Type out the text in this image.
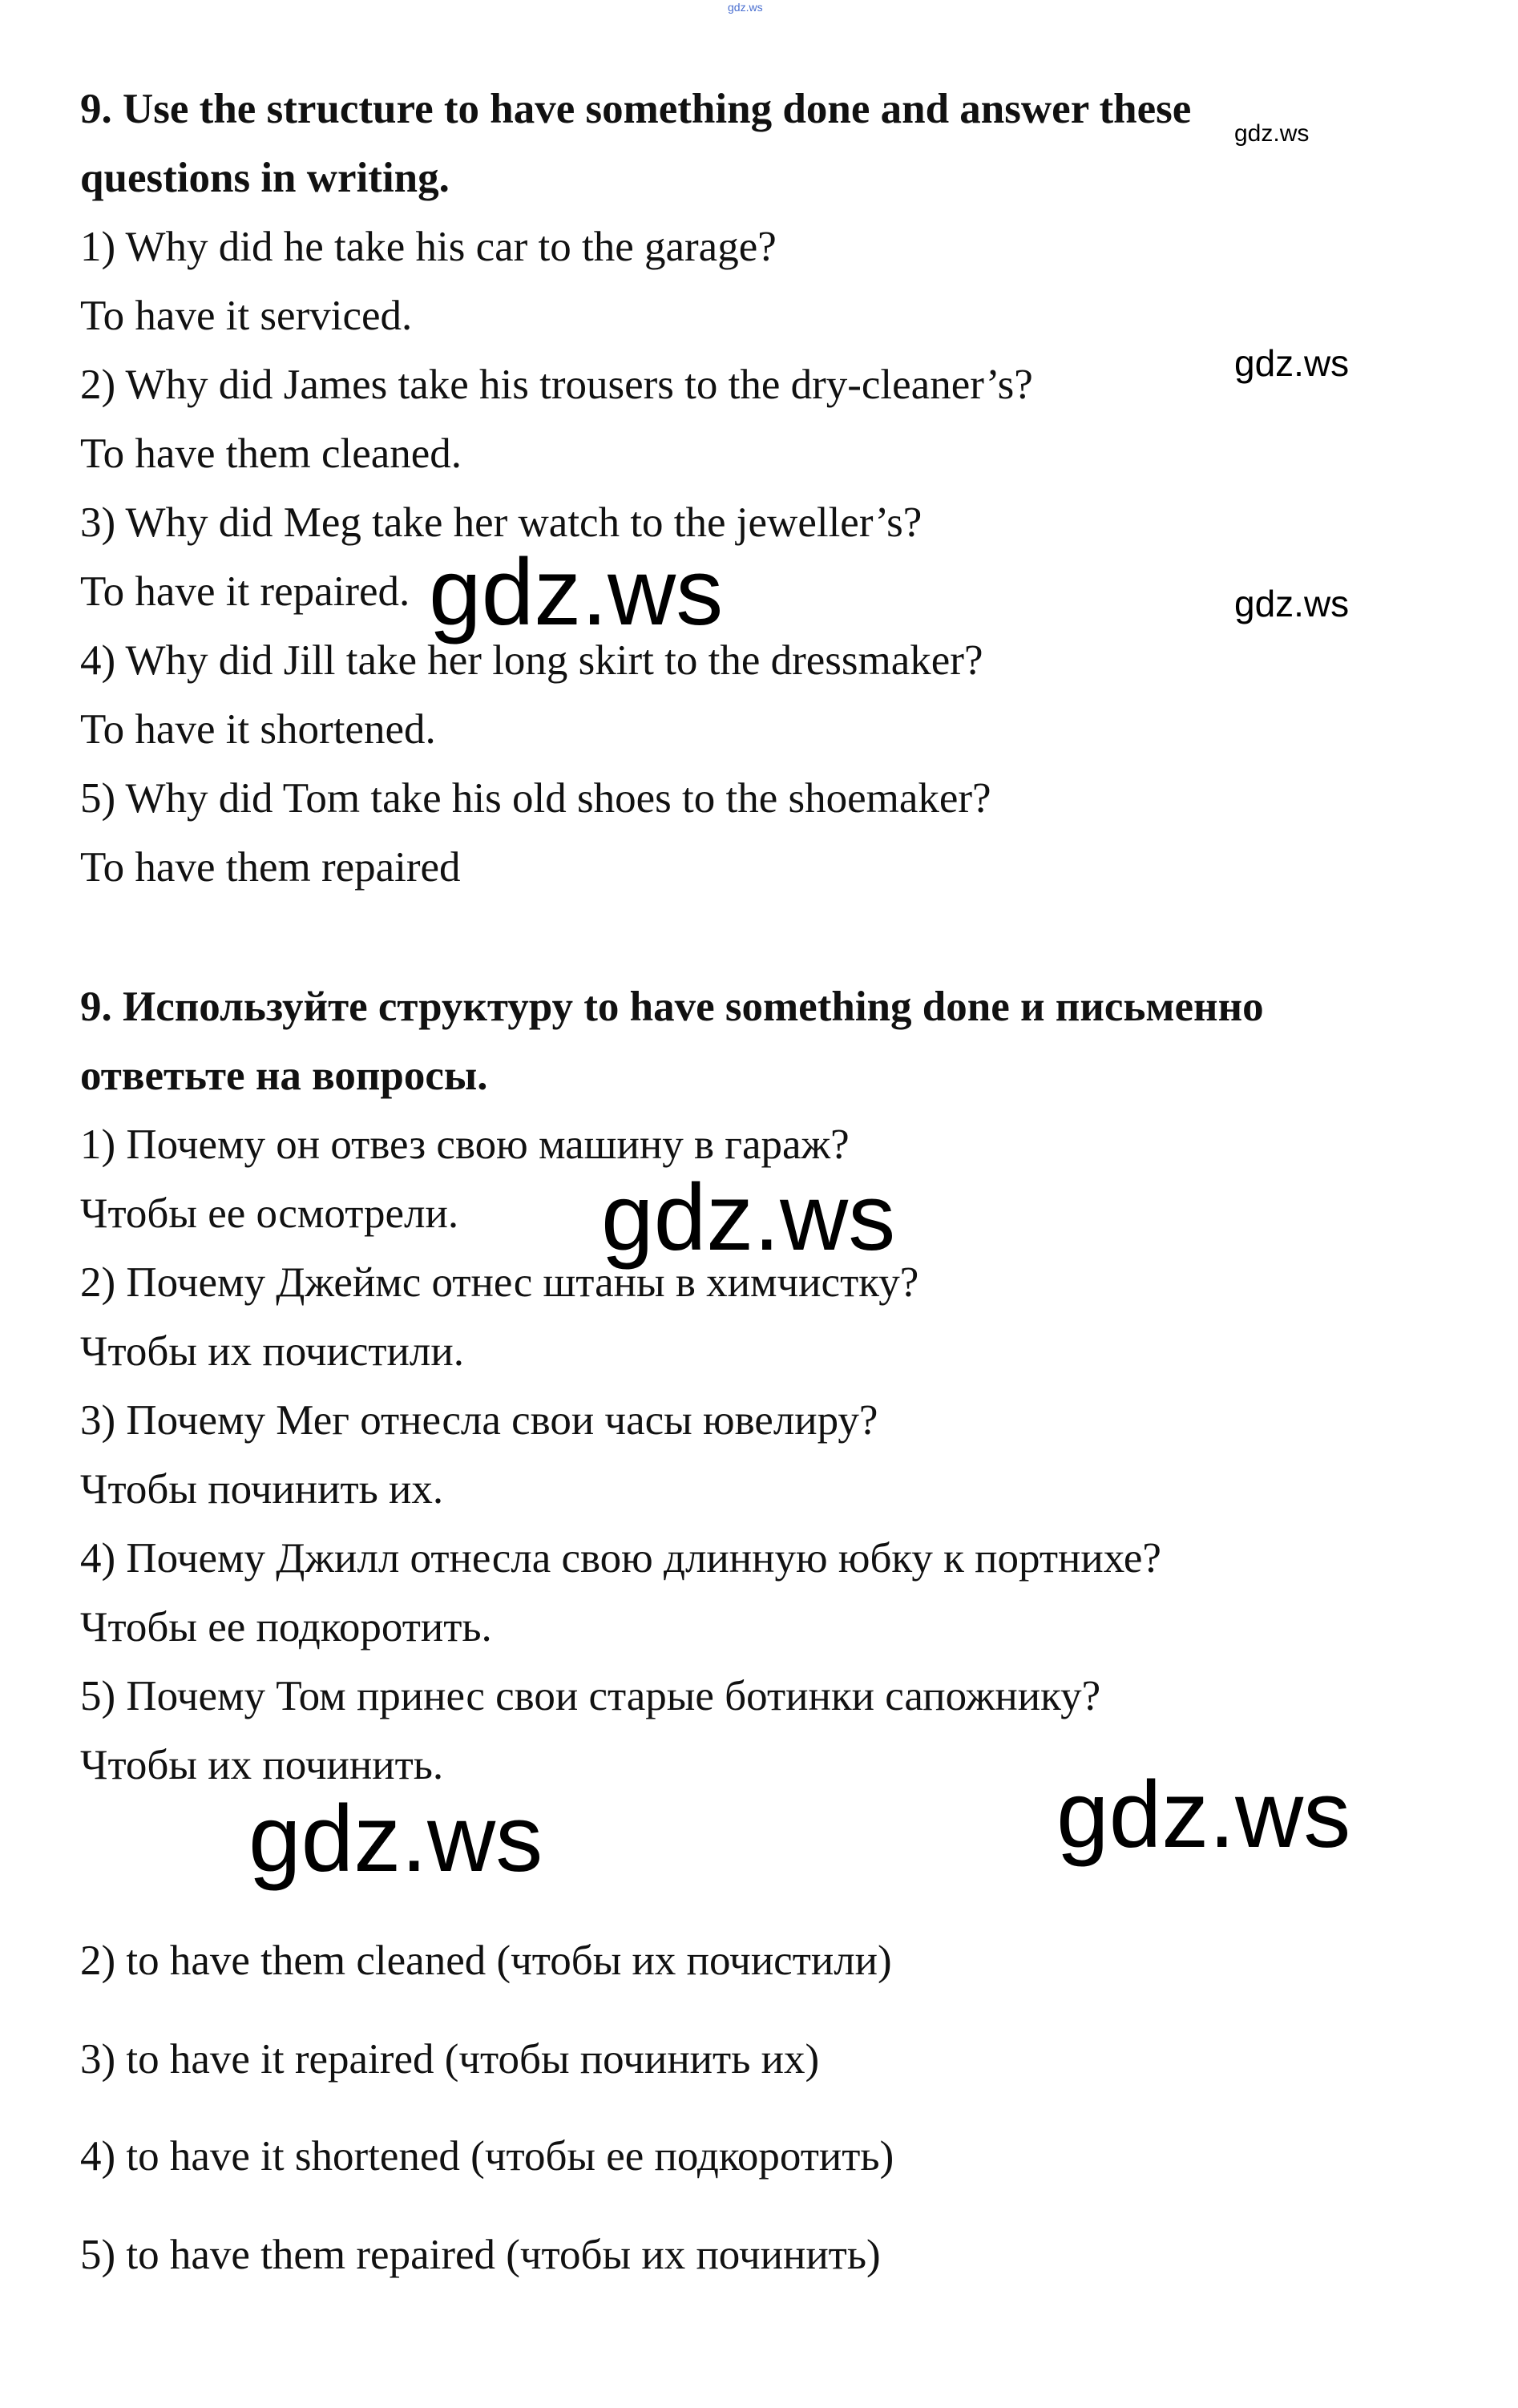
9. Use the structure to have something done and answer these

questions in writing.

1) Why did he take his car to the garage?

To have it serviced.

2) Why did James take his trousers to the dry-cleaner’s?

To have them cleaned.

3) Why did Meg take her watch to the jeweller’s?

To have it repaired.

4) Why did Jill take her long skirt to the dressmaker?

To have it shortened.

5) Why did Tom take his old shoes to the shoemaker?

To have them repaired

9. Используйте структуру to have something done и письменно

ответьте на вопросы.

1) Почему он отвез свою машину в гараж?

Чтобы ее осмотрели.

2) Почему Джеймс отнес штаны в химчистку?

Чтобы их почистили.

3) Почему Мег отнесла свои часы ювелиру?

Чтобы починить их.

4) Почему Джилл отнесла свою длинную юбку к портнихе?

Чтобы ее подкоротить.

5) Почему Том принес свои старые ботинки сапожнику?

Чтобы их починить.

2) to have them cleaned (чтобы их почистили)

3) to have it repaired (чтобы починить их)

4) to have it shortened (чтобы ее подкоротить)

5) to have them repaired (чтобы их починить)

gdz.ws
gdz.ws
gdz.ws
gdz.ws
gdz.ws
gdz.ws
gdz.ws	gdz.ws
